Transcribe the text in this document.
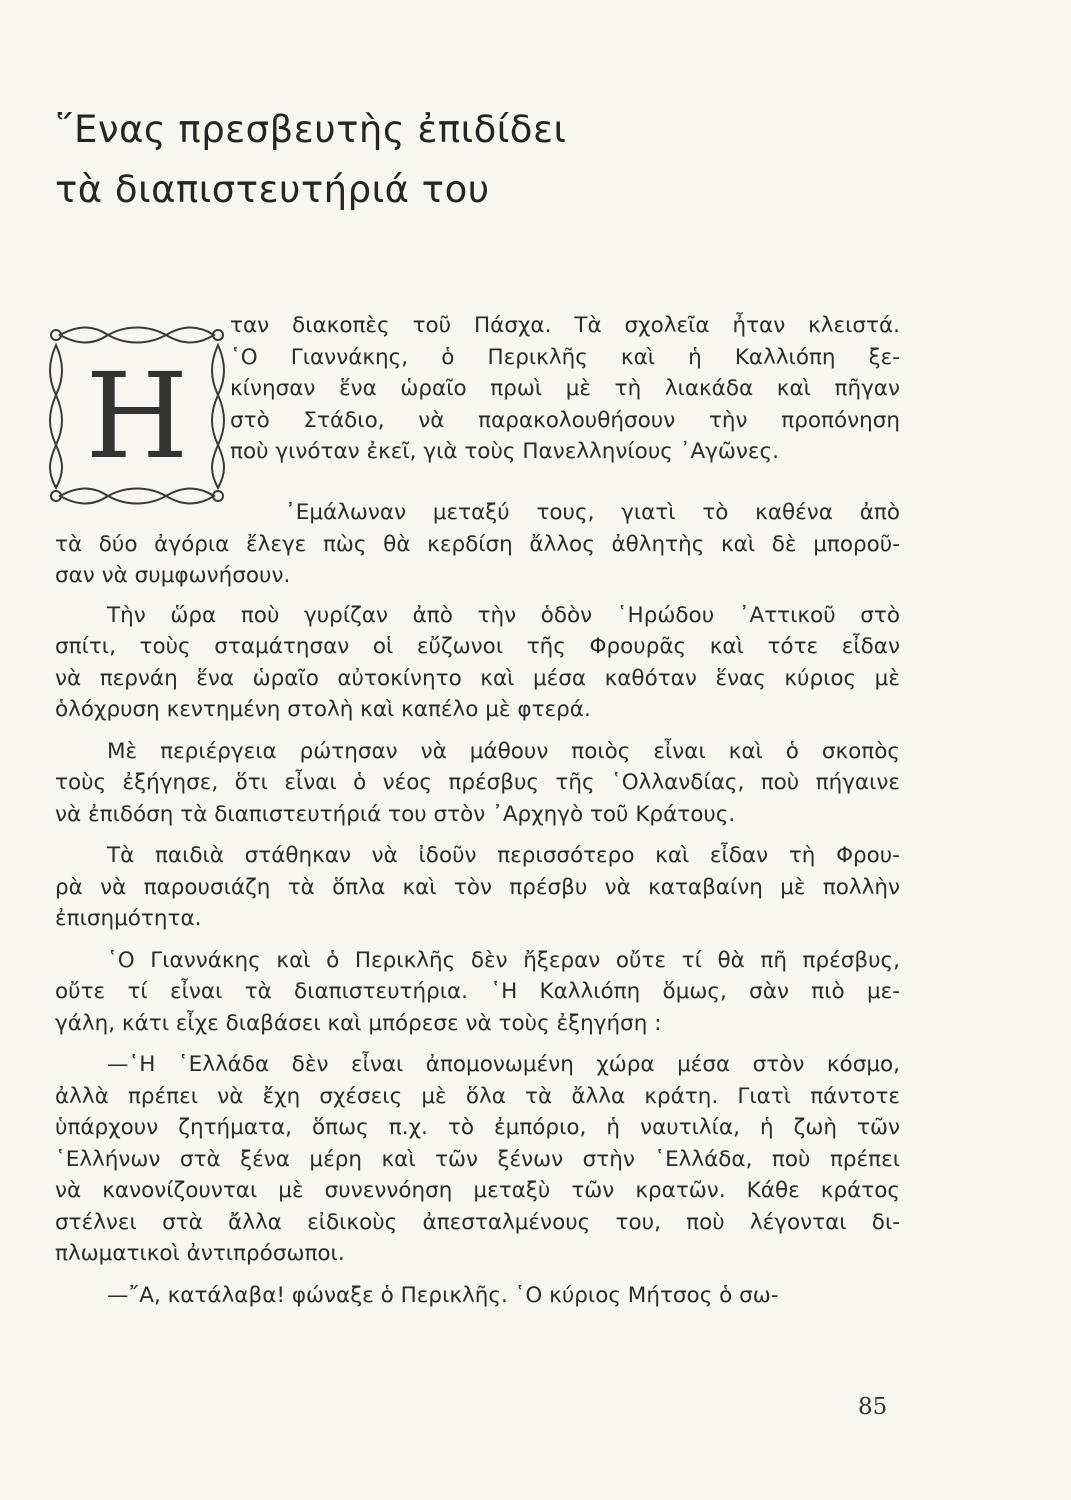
῞Ενας πρεσβευτὴς ἐπιδίδει
τὰ διαπιστευτήριά του
H
ταν διακοπὲς τοῦ Πάσχα. Τὰ σχολεῖα ἦταν κλειστά.
῾Ο Γιαννάκης, ὁ Περικλῆς καὶ ἡ Καλλιόπη ξε-
κίνησαν ἕνα ὡραῖο πρωὶ μὲ τὴ λιακάδα καὶ πῆγαν
στὸ Στάδιο, νὰ παρακολουθήσουν τὴν προπόνηση
ποὺ γινόταν ἐκεῖ, γιὰ τοὺς Πανελληνίους ᾿Αγῶνες.
᾿Εμάλωναν μεταξύ τους, γιατὶ τὸ καθένα ἀπὸ
τὰ δύο ἀγόρια ἔλεγε πὼς θὰ κερδίση ἄλλος ἀθλητὴς καὶ δὲ μποροῦ-
σαν νὰ συμφωνήσουν.
Τὴν ὥρα ποὺ γυρίζαν ἀπὸ τὴν ὁδὸν ῾Ηρώδου ᾿Αττικοῦ στὸ
σπίτι, τοὺς σταμάτησαν οἱ εὔζωνοι τῆς Φρουρᾶς καὶ τότε εἶδαν
νὰ περνάη ἕνα ὡραῖο αὐτοκίνητο καὶ μέσα καθόταν ἕνας κύριος μὲ
ὁλόχρυση κεντημένη στολὴ καὶ καπέλο μὲ φτερά.
Μὲ περιέργεια ρώτησαν νὰ μάθουν ποιὸς εἶναι καὶ ὁ σκοπὸς
τοὺς ἐξήγησε, ὅτι εἶναι ὁ νέος πρέσβυς τῆς ῾Ολλανδίας, ποὺ πήγαινε
νὰ ἐπιδόση τὰ διαπιστευτήριά του στὸν ᾿Αρχηγὸ τοῦ Κράτους.
Τὰ παιδιὰ στάθηκαν νὰ ἰδοῦν περισσότερο καὶ εἶδαν τὴ Φρου-
ρὰ νὰ παρουσιάζη τὰ ὅπλα καὶ τὸν πρέσβυ νὰ καταβαίνη μὲ πολλὴν
ἐπισημότητα.
῾Ο Γιαννάκης καὶ ὁ Περικλῆς δὲν ἤξεραν οὔτε τί θὰ πῆ πρέσβυς,
οὔτε τί εἶναι τὰ διαπιστευτήρια. ῾Η Καλλιόπη ὅμως, σὰν πιὸ με-
γάλη, κάτι εἶχε διαβάσει καὶ μπόρεσε νὰ τοὺς ἐξηγήση :
—῾Η ῾Ελλάδα δὲν εἶναι ἀπομονωμένη χώρα μέσα στὸν κόσμο,
ἀλλὰ πρέπει νὰ ἔχη σχέσεις μὲ ὅλα τὰ ἄλλα κράτη. Γιατὶ πάντοτε
ὑπάρχουν ζητήματα, ὅπως π.χ. τὸ ἐμπόριο, ἡ ναυτιλία, ἡ ζωὴ τῶν
῾Ελλήνων στὰ ξένα μέρη καὶ τῶν ξένων στὴν ῾Ελλάδα, ποὺ πρέπει
νὰ κανονίζουνται μὲ συνεννόηση μεταξὺ τῶν κρατῶν. Κάθε κράτος
στέλνει στὰ ἄλλα εἰδικοὺς ἀπεσταλμένους του, ποὺ λέγονται δι-
πλωματικοὶ ἀντιπρόσωποι.
—῎Α, κατάλαβα! φώναξε ὁ Περικλῆς. ῾Ο κύριος Μήτσος ὁ σω-
85
